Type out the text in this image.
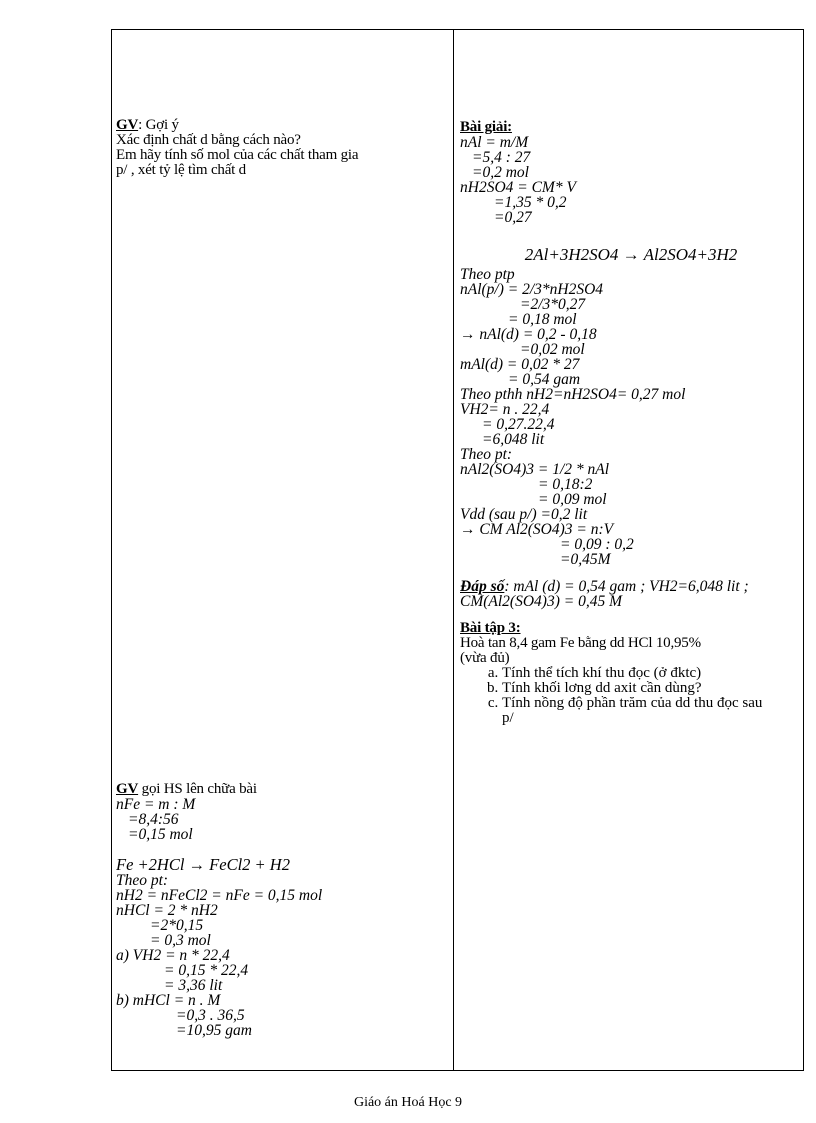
GV: Gợi ý
Xác định chất d bằng cách nào?
Em hãy tính số mol của các chất tham gia
p/ , xét tỷ lệ tìm chất d
GV gọi HS lên chữa bài
nFe = m : M
=8,4:56
=0,15 mol
Fe +2HCl → FeCl2 + H2
Theo pt:
nH2 = nFeCl2 = nFe = 0,15 mol
nHCl = 2 * nH2
=2*0,15
= 0,3 mol
a) VH2 = n * 22,4
= 0,15 * 22,4
= 3,36 lit
b) mHCl = n . M
=0,3 . 36,5
=10,95 gam
Bài giải:
nAl = m/M
=5,4 : 27
=0,2 mol
nH2SO4 = CM* V
=1,35 * 0,2
=0,27
2Al+3H2SO4 → Al2SO4+3H2
Theo ptp
nAl(p/) = 2/3*nH2SO4
=2/3*0,27
= 0,18 mol
→ nAl(d) = 0,2 - 0,18
=0,02 mol
mAl(d) = 0,02 * 27
= 0,54 gam
Theo pthh nH2=nH2SO4= 0,27 mol
VH2= n . 22,4
= 0,27.22,4
=6,048 lit
Theo pt:
nAl2(SO4)3 = 1/2 * nAl
= 0,18:2
= 0,09 mol
Vdd (sau p/) =0,2 lit
→ CM Al2(SO4)3 = n:V
= 0,09 : 0,2
=0,45M
Đáp số: mAl (d) = 0,54 gam ; VH2=6,048 lit ;
CM(Al2(SO4)3) = 0,45 M
Bài tập 3:
Hoà tan 8,4 gam Fe bằng dd HCl 10,95%
(vừa đủ)
a. Tính thể tích khí thu đọc (ở đktc)
b. Tính khối lơng dd axit cần dùng?
c. Tính nồng độ phần trăm của dd thu đọc sau p/
Giáo án Hoá Học 9
